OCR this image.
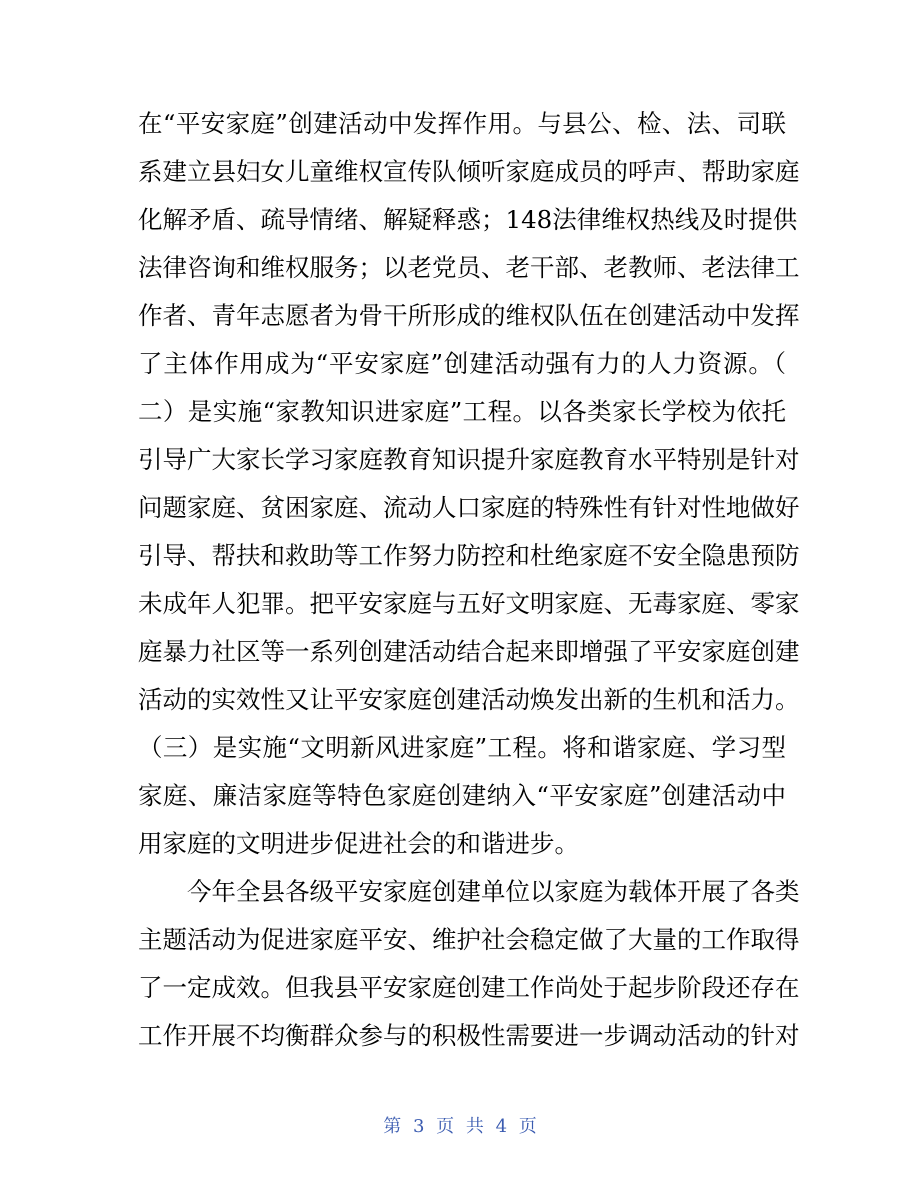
在“平安家庭”创建活动中发挥作用。与县公、检、法、司联
系建立县妇女儿童维权宣传队倾听家庭成员的呼声、帮助家庭
化解矛盾、疏导情绪、解疑释惑；148法律维权热线及时提供
法律咨询和维权服务；以老党员、老干部、老教师、老法律工
作者、青年志愿者为骨干所形成的维权队伍在创建活动中发挥
了主体作用成为“平安家庭”创建活动强有力的人力资源。（
二）是实施“家教知识进家庭”工程。以各类家长学校为依托
引导广大家长学习家庭教育知识提升家庭教育水平特别是针对
问题家庭、贫困家庭、流动人口家庭的特殊性有针对性地做好
引导、帮扶和救助等工作努力防控和杜绝家庭不安全隐患预防
未成年人犯罪。把平安家庭与五好文明家庭、无毒家庭、零家
庭暴力社区等一系列创建活动结合起来即增强了平安家庭创建
活动的实效性又让平安家庭创建活动焕发出新的生机和活力。
（三）是实施“文明新风进家庭”工程。将和谐家庭、学习型
家庭、廉洁家庭等特色家庭创建纳入“平安家庭”创建活动中
用家庭的文明进步促进社会的和谐进步。
今年全县各级平安家庭创建单位以家庭为载体开展了各类
主题活动为促进家庭平安、维护社会稳定做了大量的工作取得
了一定成效。但我县平安家庭创建工作尚处于起步阶段还存在
工作开展不均衡群众参与的积极性需要进一步调动活动的针对
第 3 页 共 4 页
